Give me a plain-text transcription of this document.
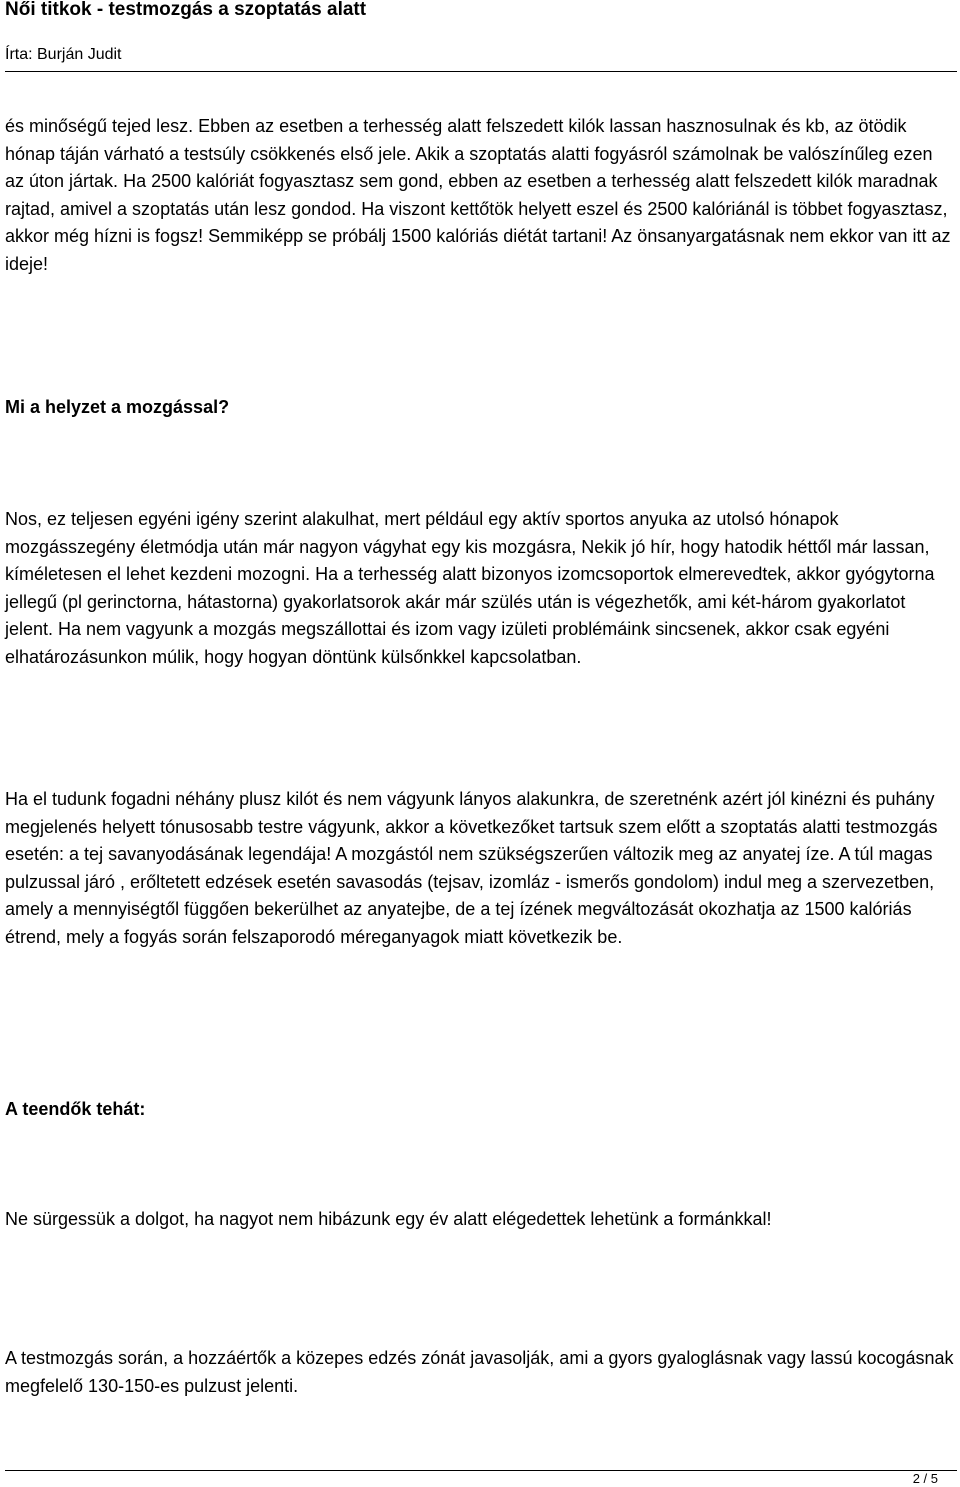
Női titkok - testmozgás a szoptatás alatt

Írta: Burján Judit

és minőségű tejed lesz. Ebben az esetben a terhesség alatt felszedett kilók lassan hasznosulnak és kb, az ötödik hónap táján várható a testsúly csökkenés első jele. Akik a szoptatás alatti fogyásról számolnak be valószínűleg ezen az úton jártak. Ha 2500 kalóriát fogyasztasz sem gond, ebben az esetben a terhesség alatt felszedett kilók maradnak rajtad, amivel a szoptatás után lesz gondod. Ha viszont kettőtök helyett eszel és 2500 kalóriánál is többet fogyasztasz, akkor még hízni is fogsz! Semmiképp se próbálj 1500 kalóriás diétát tartani! Az önsanyargatásnak nem ekkor van itt az ideje!

Mi a helyzet a mozgással?

Nos, ez teljesen egyéni igény szerint alakulhat, mert például egy aktív sportos anyuka az utolsó hónapok mozgásszegény életmódja után már nagyon vágyhat egy kis mozgásra, Nekik jó hír, hogy hatodik héttől már lassan, kíméletesen el lehet kezdeni mozogni. Ha a terhesség alatt bizonyos izomcsoportok elmerevedtek, akkor gyógytorna jellegű (pl gerinctorna, hátastorna) gyakorlatsorok akár már szülés után is végezhetők, ami két-három gyakorlatot jelent. Ha nem vagyunk a mozgás megszállottai és izom vagy izületi problémáink sincsenek, akkor csak egyéni elhatározásunkon múlik, hogy hogyan döntünk külsőnkkel kapcsolatban.

Ha el tudunk fogadni néhány plusz kilót és nem vágyunk lányos alakunkra, de szeretnénk azért jól kinézni és puhány megjelenés helyett tónusosabb testre vágyunk, akkor a következőket tartsuk szem előtt a szoptatás alatti testmozgás esetén: a tej savanyodásának legendája! A mozgástól nem szükségszerűen változik meg az anyatej íze. A túl magas pulzussal járó , erőltetett edzések esetén savasodás (tejsav, izomláz - ismerős gondolom) indul meg a szervezetben, amely a mennyiségtől függően bekerülhet az anyatejbe, de a tej ízének megváltozását okozhatja az 1500 kalóriás étrend, mely a fogyás során felszaporodó méreganyagok miatt következik be.

A teendők tehát:

Ne sürgessük a dolgot, ha nagyot nem hibázunk egy év alatt elégedettek lehetünk a formánkkal!

A testmozgás során, a hozzáértők a közepes edzés zónát javasolják, ami a gyors gyaloglásnak vagy lassú kocogásnak megfelelő 130-150-es pulzust jelenti.

2 / 5
